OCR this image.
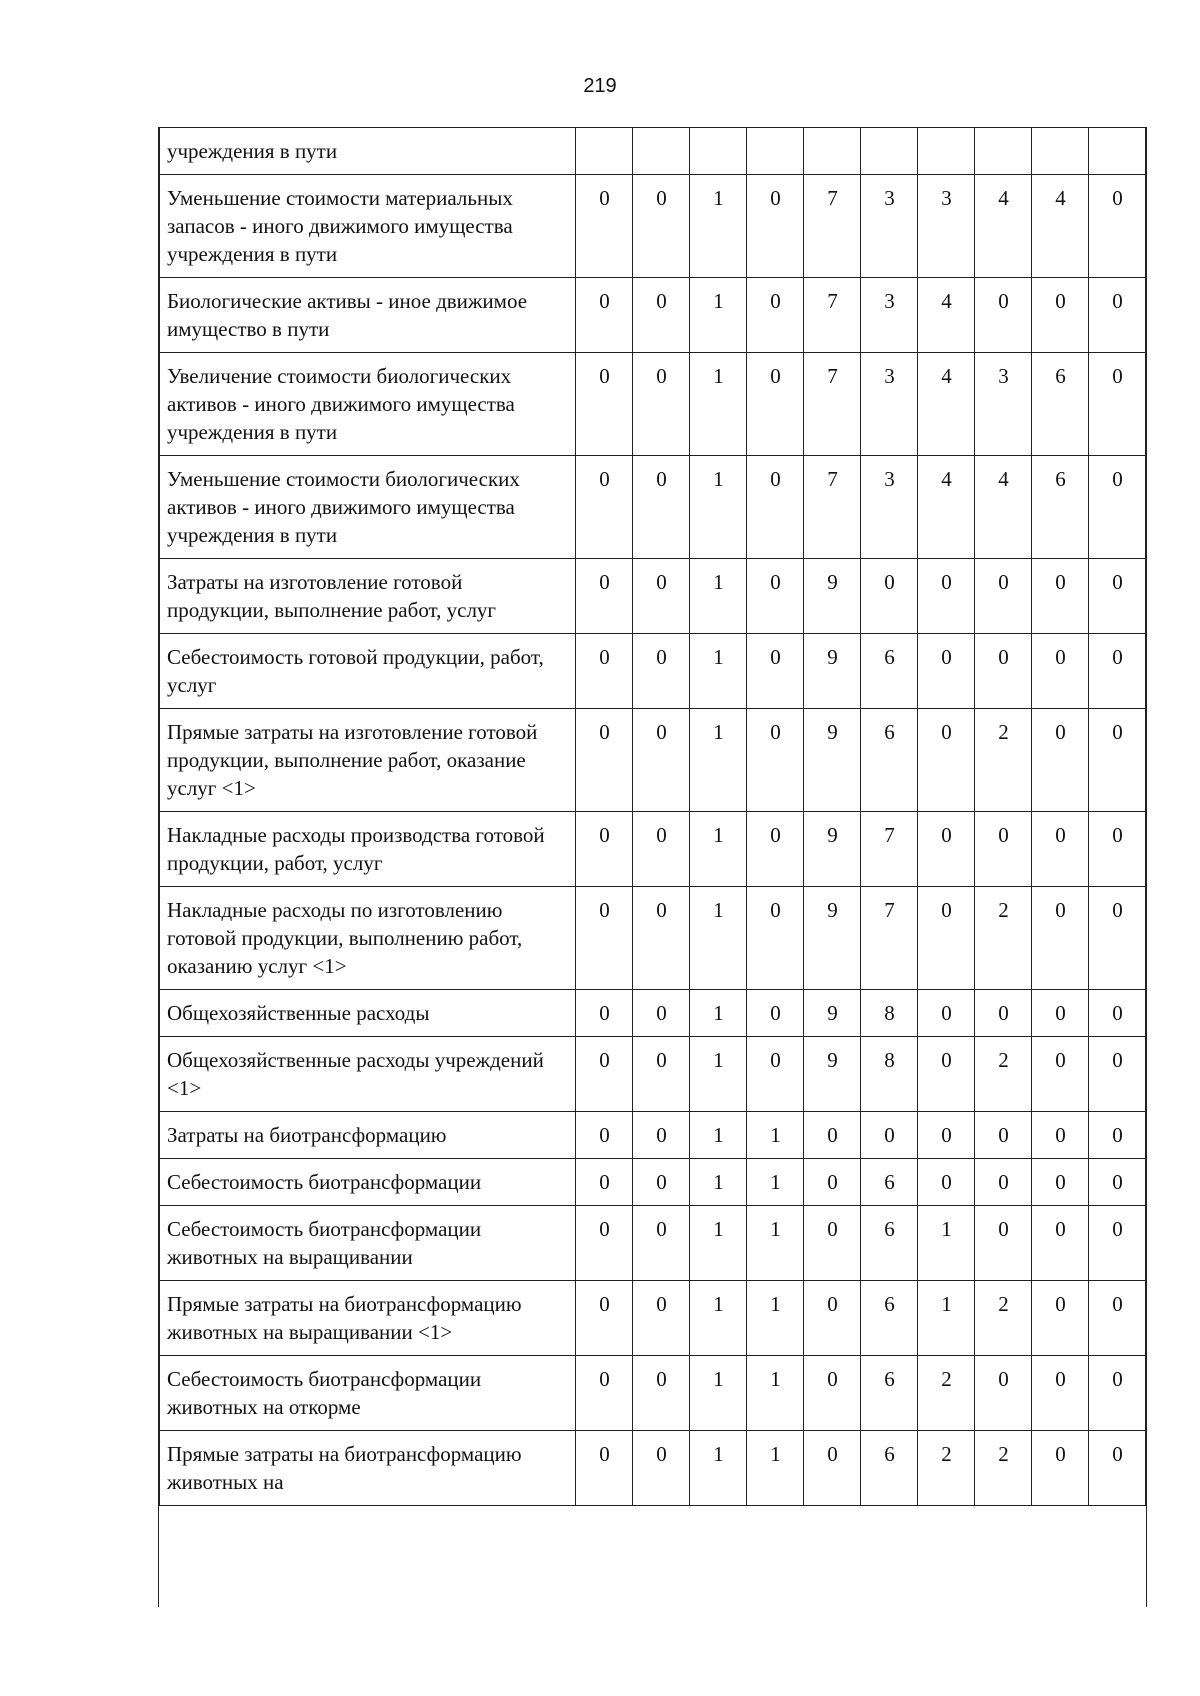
219
учреждения в пути										
Уменьшение стоимости материальных запасов - иного движимого имущества учреждения в пути	0	0	1	0	7	3	3	4	4	0
Биологические активы - иное движимое имущество в пути	0	0	1	0	7	3	4	0	0	0
Увеличение стоимости биологических активов - иного движимого имущества учреждения в пути	0	0	1	0	7	3	4	3	6	0
Уменьшение стоимости биологических активов - иного движимого имущества учреждения в пути	0	0	1	0	7	3	4	4	6	0
Затраты на изготовление готовой продукции, выполнение работ, услуг	0	0	1	0	9	0	0	0	0	0
Себестоимость готовой продукции, работ, услуг	0	0	1	0	9	6	0	0	0	0
Прямые затраты на изготовление готовой продукции, выполнение работ, оказание услуг <1>	0	0	1	0	9	6	0	2	0	0
Накладные расходы производства готовой продукции, работ, услуг	0	0	1	0	9	7	0	0	0	0
Накладные расходы по изготовлению готовой продукции, выполнению работ, оказанию услуг <1>	0	0	1	0	9	7	0	2	0	0
Общехозяйственные расходы	0	0	1	0	9	8	0	0	0	0
Общехозяйственные расходы учреждений <1>	0	0	1	0	9	8	0	2	0	0
Затраты на биотрансформацию	0	0	1	1	0	0	0	0	0	0
Себестоимость биотрансформации	0	0	1	1	0	6	0	0	0	0
Себестоимость биотрансформации животных на выращивании	0	0	1	1	0	6	1	0	0	0
Прямые затраты на биотрансформацию животных на выращивании <1>	0	0	1	1	0	6	1	2	0	0
Себестоимость биотрансформации животных на откорме	0	0	1	1	0	6	2	0	0	0
Прямые затраты на биотрансформацию животных на	0	0	1	1	0	6	2	2	0	0
